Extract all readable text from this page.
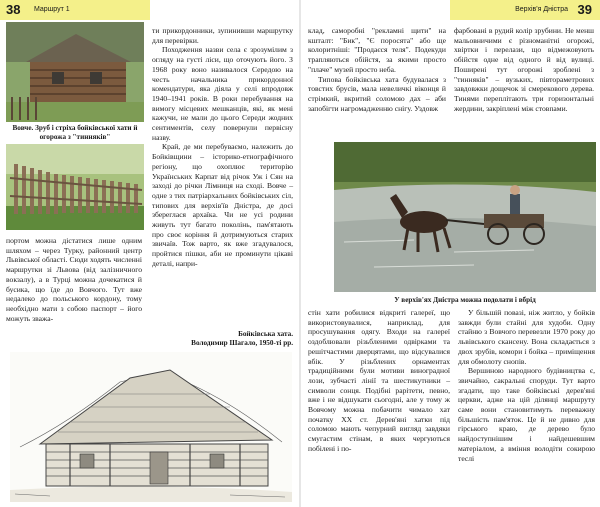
38 Маршрут 1
Вовче. Зруб і стріха бойківської хати й огорожа з "тинняків"

портом можна дістатися лише одним шляхом – через Турку, районний центр Львівської області. Сюди ходять численні маршрутки зі Львова (від залізничного вокзалу), а в Турці можна дочекатися й бусика, що їде до Вовчого. Тут вже недалеко до польського кордону, тому необхідно мати з собою паспорт – його можуть зважа-

ти прикордонники, зупинивши маршрутку для перевірки.

Походження назви села є зрозумілим з огляду на густі ліси, що оточують його. З 1968 року воно називалося Середою на честь начальника прикордонної комендатури, яка діяла у селі впродовж 1940–1941 років. В роки перебування на вимогу місцевих мешканців, які, як мені кажучи, не мали до цього Середи жодних сентиментів, селу повернули первісну назву.

Край, де ми перебуваємо, належить до Бойківщини – історико-етнографічного регіону, що охоплює територію Українських Карпат від річок Уж і Сян на заході до річки Лімниця на сході. Вовче – одне з тих патріархальних бойківських сіл, типових для верхів'їв Дністра, де досі збереглася архаїка. Чи не усі родини живуть тут багато поколінь, пам'ятають про своє коріння й дотримуються старих звичаїв. Тож варто, як вже згадувалося, пройтися пішки, аби не проминути цікаві деталі, напри-

Бойківська хата.
Володимир Шагало, 1950-ті рр.
Верхів'я Дністра 39

клад, саморобні "рекламні щити" на кшталт: "Бик", "Є поросята" або ще колоритніші: "Продаєся теля". Подекуди трапляються обійстя, за якими просто "плаче" музей просто неба.

Типова бойківська хата будувалася з товстих брусів, мала невеличкі віконця й стрімкий, вкритий соломою дах – аби запобігти нагромадженню снігу. Уздовж

фарбовані в рудий колір зрубини. Не менш мальовничими є різноманітні огорожі, хвіртки і перелази, що відмежовують обійстя одне від одного й від вулиці. Поширені тут огорожі зроблені з "тинняків" – вузьких, півтораметрових завдовжки дощечок зі смерекового дерева. Тинями переплітають три горизонтальні жердини, закріплені між стовпами.

У верхів'ях Дністра можна подолати і вбрід

стін хати робилися відкриті галереї, що використовувалися, наприклад, для просушування одягу. Входи на галереї оздоблювали різьбленими одвірками та решітчастими дверцятами, що відсувалися вбік. У різьблених орнаментах традиційними були мотиви виноградної лози, зубчасті лінії та шестикутники – символи сонця. Подібні рарітети, певно, вже і не відшукати сьогодні, але у тому ж Вовчому можна побачити чимало хат початку XX ст. Дерев'яні хатки під соломою мають чепурний вигляд завдяки смугастим стінам, в яких чергуються побілені і по-

У більшій повазі, ніж житло, у бойків завжди були стайні для худоби. Одну стайню з Вовчого перевезли 1970 року до львівського скансену. Вона складається з двох зрубів, комори і бойка – приміщення для обмолоту снопів.

Вершиною народного будівництва є, звичайно, сакральні споруди. Тут варто згадати, що таке бойківські дерев'яні церкви, адже на цій ділянці маршруту саме вони становитимуть переважну більшість пам'яток. Це й не дивно для гірського краю, де дерево було найдоступнішим і найдешевшим матеріалом, а вміння володіти сокирою теслі
